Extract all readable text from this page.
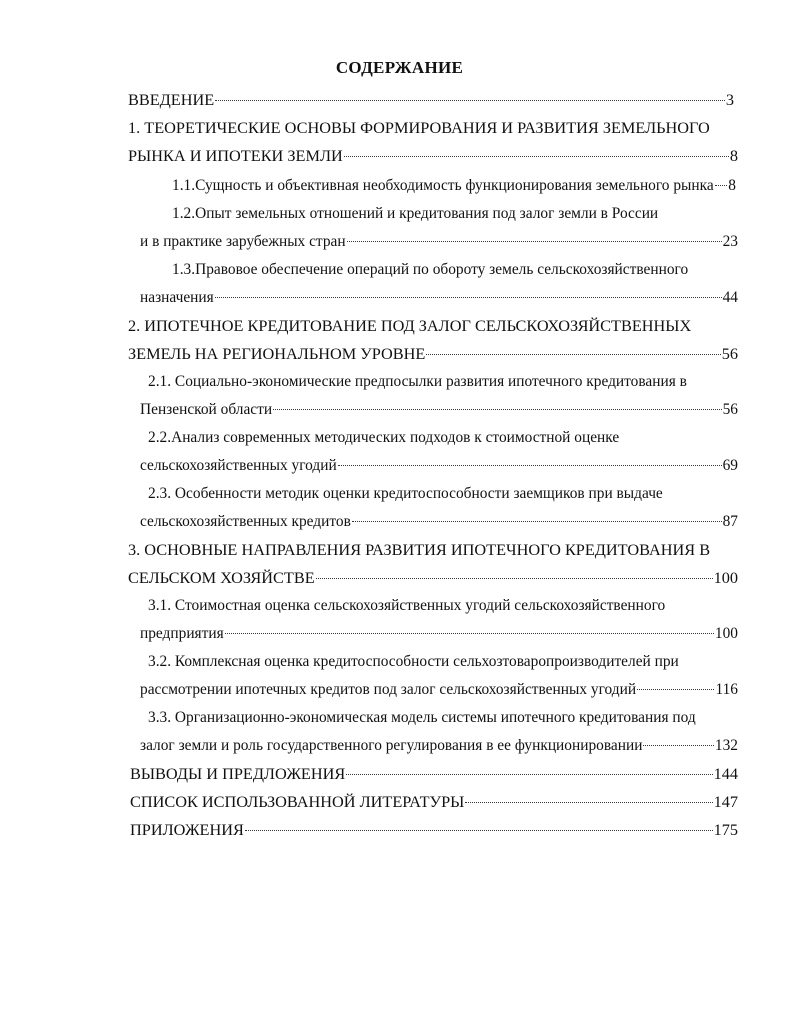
СОДЕРЖАНИЕ
ВВЕДЕНИЕ	3
1. ТЕОРЕТИЧЕСКИЕ ОСНОВЫ ФОРМИРОВАНИЯ И РАЗВИТИЯ ЗЕМЕЛЬНОГО
РЫНКА И ИПОТЕКИ ЗЕМЛИ	8
1.1.Сущность и объективная необходимость функционирования земельного рынка 8
1.2.Опыт земельных отношений и кредитования под залог земли в России
и в практике зарубежных стран	23
1.3.Правовое обеспечение операций по обороту земель сельскохозяйственного
назначения	44
2. ИПОТЕЧНОЕ КРЕДИТОВАНИЕ ПОД ЗАЛОГ СЕЛЬСКОХОЗЯЙСТВЕННЫХ
ЗЕМЕЛЬ НА РЕГИОНАЛЬНОМ УРОВНЕ	56
2.1. Социально-экономические предпосылки развития ипотечного кредитования в
Пензенской области	56
2.2.Анализ современных методических подходов к стоимостной оценке
сельскохозяйственных угодий	69
2.3. Особенности методик оценки кредитоспособности заемщиков при выдаче
сельскохозяйственных кредитов	87
3. ОСНОВНЫЕ НАПРАВЛЕНИЯ РАЗВИТИЯ ИПОТЕЧНОГО КРЕДИТОВАНИЯ В
СЕЛЬСКОМ ХОЗЯЙСТВЕ	100
3.1. Стоимостная оценка сельскохозяйственных угодий сельскохозяйственного
предприятия	100
3.2. Комплексная оценка кредитоспособности сельхозтоваропроизводителей при
рассмотрении ипотечных кредитов под залог сельскохозяйственных угодий	116
3.3. Организационно-экономическая модель системы ипотечного кредитования под
залог земли и роль государственного регулирования в ее функционировании	132
ВЫВОДЫ И ПРЕДЛОЖЕНИЯ	144
СПИСОК ИСПОЛЬЗОВАННОЙ ЛИТЕРАТУРЫ	147
ПРИЛОЖЕНИЯ	175
